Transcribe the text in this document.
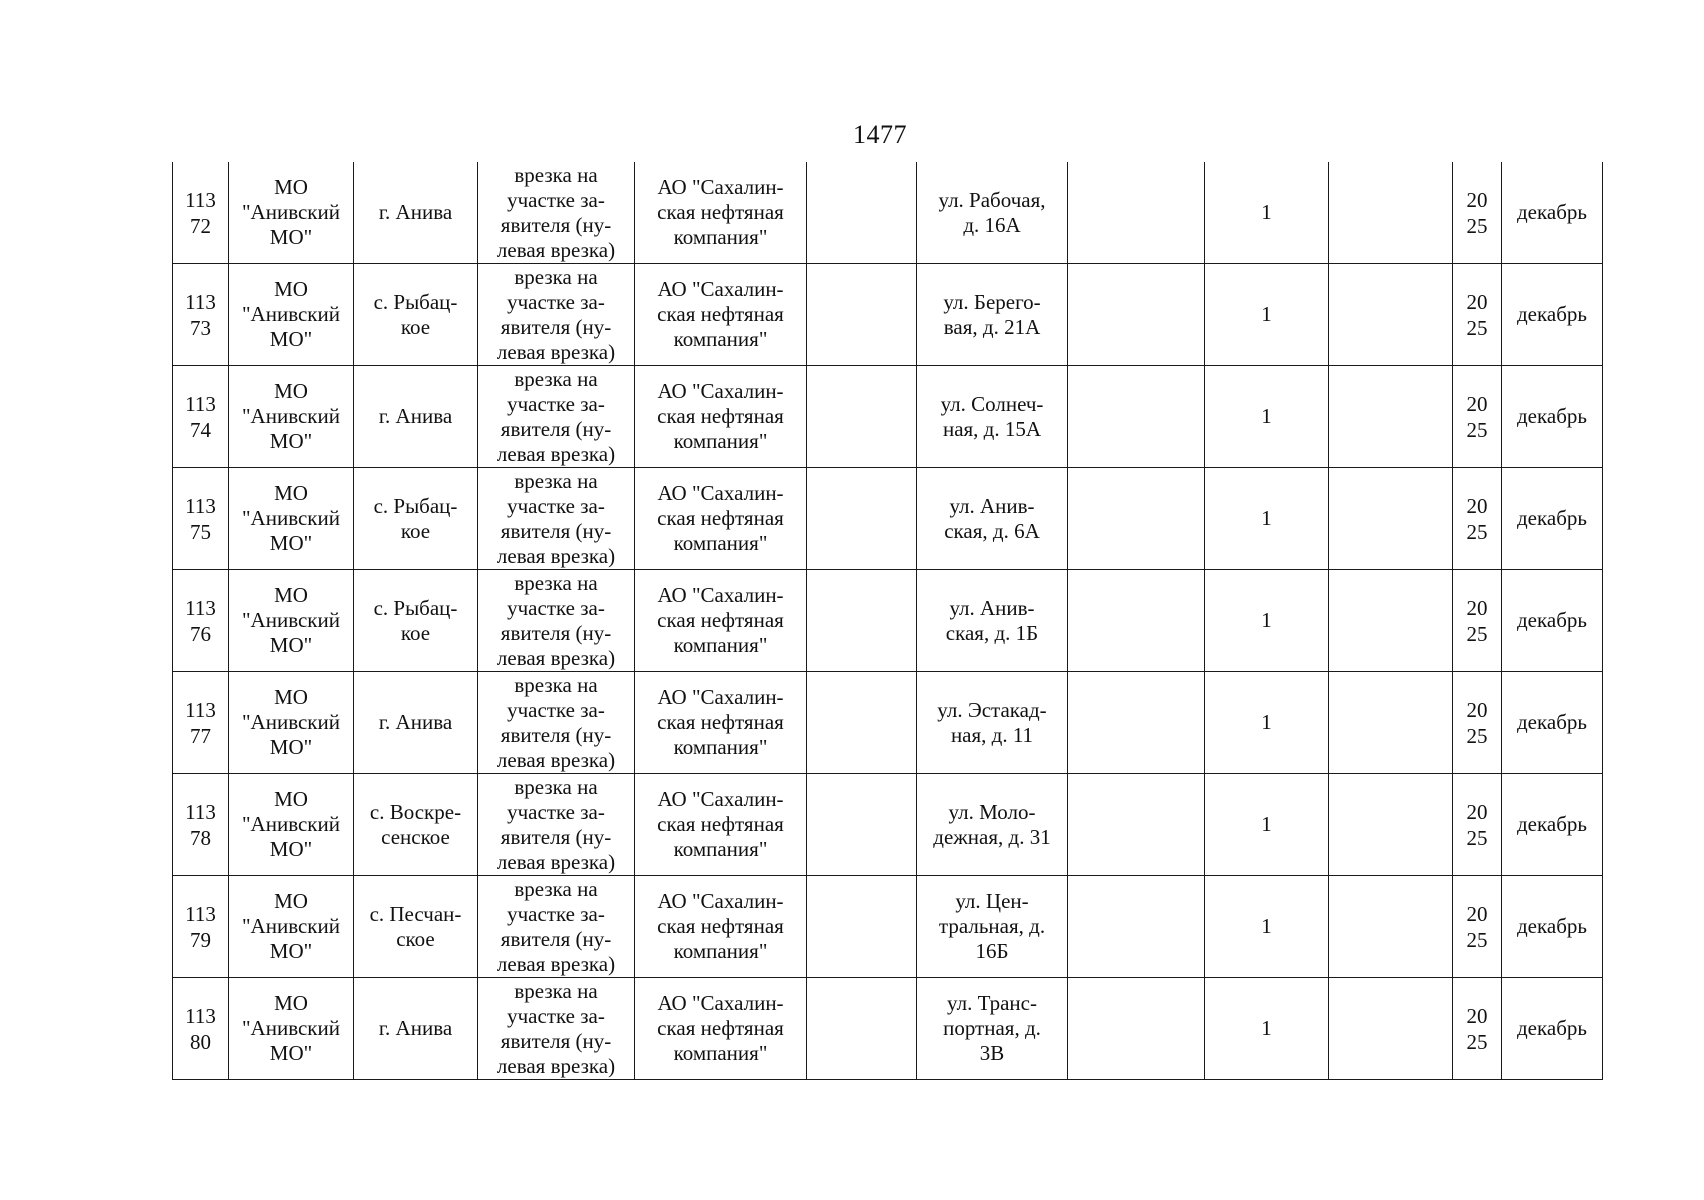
1477
113
72	МО
"Анивский
МО"	г. Анива	врезка на
участке за-
явителя (ну-
левая врезка)	АО "Сахалин-
ская нефтяная
компания"		ул. Рабочая,
д. 16А		1		20
25	декабрь

113
73	МО
"Анивский
МО"	с. Рыбац-
кое	врезка на
участке за-
явителя (ну-
левая врезка)	АО "Сахалин-
ская нефтяная
компания"		ул. Берего-
вая, д. 21А		1		20
25	декабрь

113
74	МО
"Анивский
МО"	г. Анива	врезка на
участке за-
явителя (ну-
левая врезка)	АО "Сахалин-
ская нефтяная
компания"		ул. Солнеч-
ная, д. 15А		1		20
25	декабрь

113
75	МО
"Анивский
МО"	с. Рыбац-
кое	врезка на
участке за-
явителя (ну-
левая врезка)	АО "Сахалин-
ская нефтяная
компания"		ул. Анив-
ская, д. 6А		1		20
25	декабрь

113
76	МО
"Анивский
МО"	с. Рыбац-
кое	врезка на
участке за-
явителя (ну-
левая врезка)	АО "Сахалин-
ская нефтяная
компания"		ул. Анив-
ская, д. 1Б		1		20
25	декабрь

113
77	МО
"Анивский
МО"	г. Анива	врезка на
участке за-
явителя (ну-
левая врезка)	АО "Сахалин-
ская нефтяная
компания"		ул. Эстакад-
ная, д. 11		1		20
25	декабрь

113
78	МО
"Анивский
МО"	с. Воскре-
сенское	врезка на
участке за-
явителя (ну-
левая врезка)	АО "Сахалин-
ская нефтяная
компания"		ул. Моло-
дежная, д. 31		1		20
25	декабрь

113
79	МО
"Анивский
МО"	с. Песчан-
ское	врезка на
участке за-
явителя (ну-
левая врезка)	АО "Сахалин-
ская нефтяная
компания"		ул. Цен-
тральная, д.
16Б		1		20
25	декабрь

113
80	МО
"Анивский
МО"	г. Анива	врезка на
участке за-
явителя (ну-
левая врезка)	АО "Сахалин-
ская нефтяная
компания"		ул. Транс-
портная, д.
3В		1		20
25	декабрь
